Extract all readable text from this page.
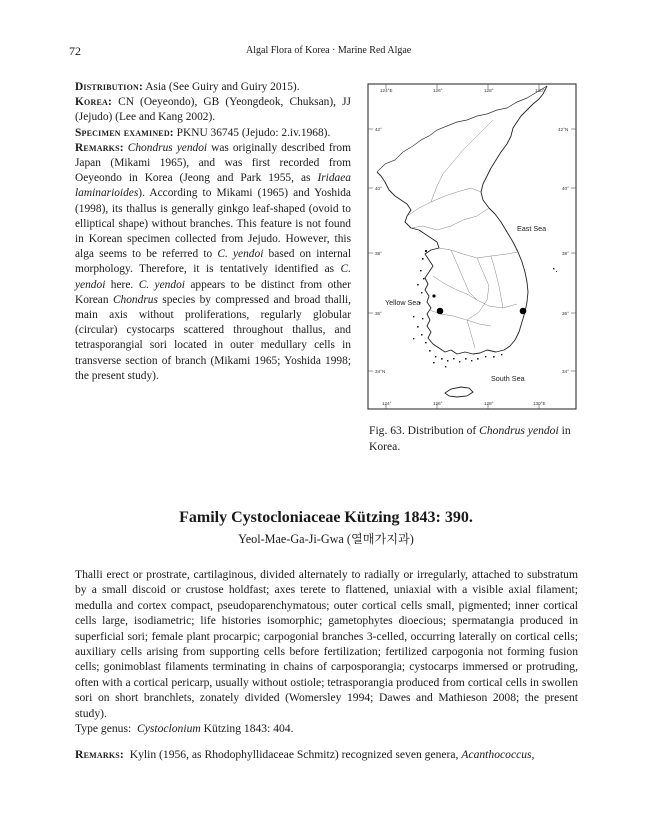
72	Algal Flora of Korea · Marine Red Algae

Distribution: Asia (See Guiry and Guiry 2015).

Korea: CN (Oeyeondo), GB (Yeongdeok, Chuksan), JJ (Jejudo) (Lee and Kang 2002).

Specimen examined: PKNU 36745 (Jejudo: 2.iv.1968).

Remarks: Chondrus yendoi was originally described from Japan (Mikami 1965), and was first recorded from Oeyeondo in Korea (Jeong and Park 1955, as Iridaea laminarioides). According to Mikami (1965) and Yoshida (1998), its thallus is generally ginkgo leaf-shaped (ovoid to elliptical shape) without branches. This feature is not found in Korean specimen collected from Jejudo. However, this alga seems to be referred to C. yendoi based on internal morphology. Therefore, it is tentatively identified as C. yendoi here. C. yendoi appears to be distinct from other Korean Chondrus species by compressed and broad thalli, main axis without proliferations, regularly globular (circular) cystocarps scattered throughout thallus, and tetrasporangial sori located in outer medullary cells in transverse section of branch (Mikami 1965; Yoshida 1998; the present study).

124°E	126°	128°	130°
124°	126°	128°	130°E
42°
40°
38°
36°
34°N
42°N
40°
38°
36°
34°
East Sea
Yellow Sea
South Sea
Fig. 63. Distribution of Chondrus yendoi in Korea.
Family Cystocloniaceae Kützing 1843: 390.
Yeol-Mae-Ga-Ji-Gwa (열매가지과)
Thalli erect or prostrate, cartilaginous, divided alternately to radially or irregularly, attached to substratum by a small discoid or crustose holdfast; axes terete to flattened, uniaxial with a visible axial filament; medulla and cortex compact, pseudoparenchymatous; outer cortical cells small, pigmented; inner cortical cells large, isodiametric; life histories isomorphic; gametophytes dioecious; spermatangia produced in superficial sori; female plant procarpic; carpogonial branches 3-celled, occurring laterally on cortical cells; auxiliary cells arising from supporting cells before fertilization; fertilized carpogonia not forming fusion cells; gonimoblast filaments terminating in chains of carposporangia; cystocarps immersed or protruding, often with a cortical pericarp, usually without ostiole; tetrasporangia produced from cortical cells in swollen sori on short branchlets, zonately divided (Womersley 1994; Dawes and Mathieson 2008; the present study).
Type genus: Cystoclonium Kützing 1843: 404.
Remarks: Kylin (1956, as Rhodophyllidaceae Schmitz) recognized seven genera, Acanthococcus,
